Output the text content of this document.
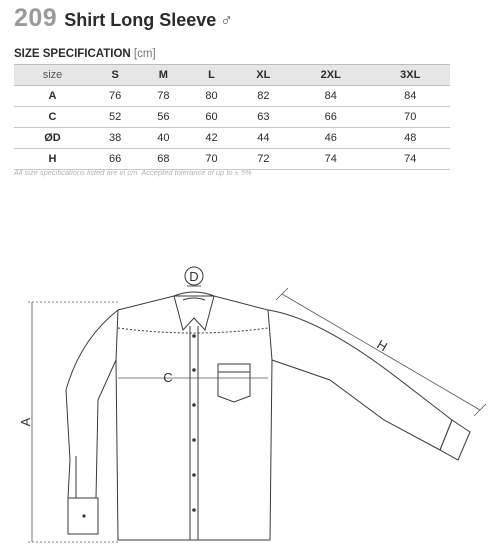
209 Shirt Long Sleeve ♂
SIZE SPECIFICATION [cm]
size	S	M	L	XL	2XL	3XL
A	76	78	80	82	84	84
C	52	56	60	63	66	70
ØD	38	40	42	44	46	48
H	66	68	70	72	74	74
All size specifications listed are in cm. Accepted tolerance of up to ± 5%
D
A
C
H
